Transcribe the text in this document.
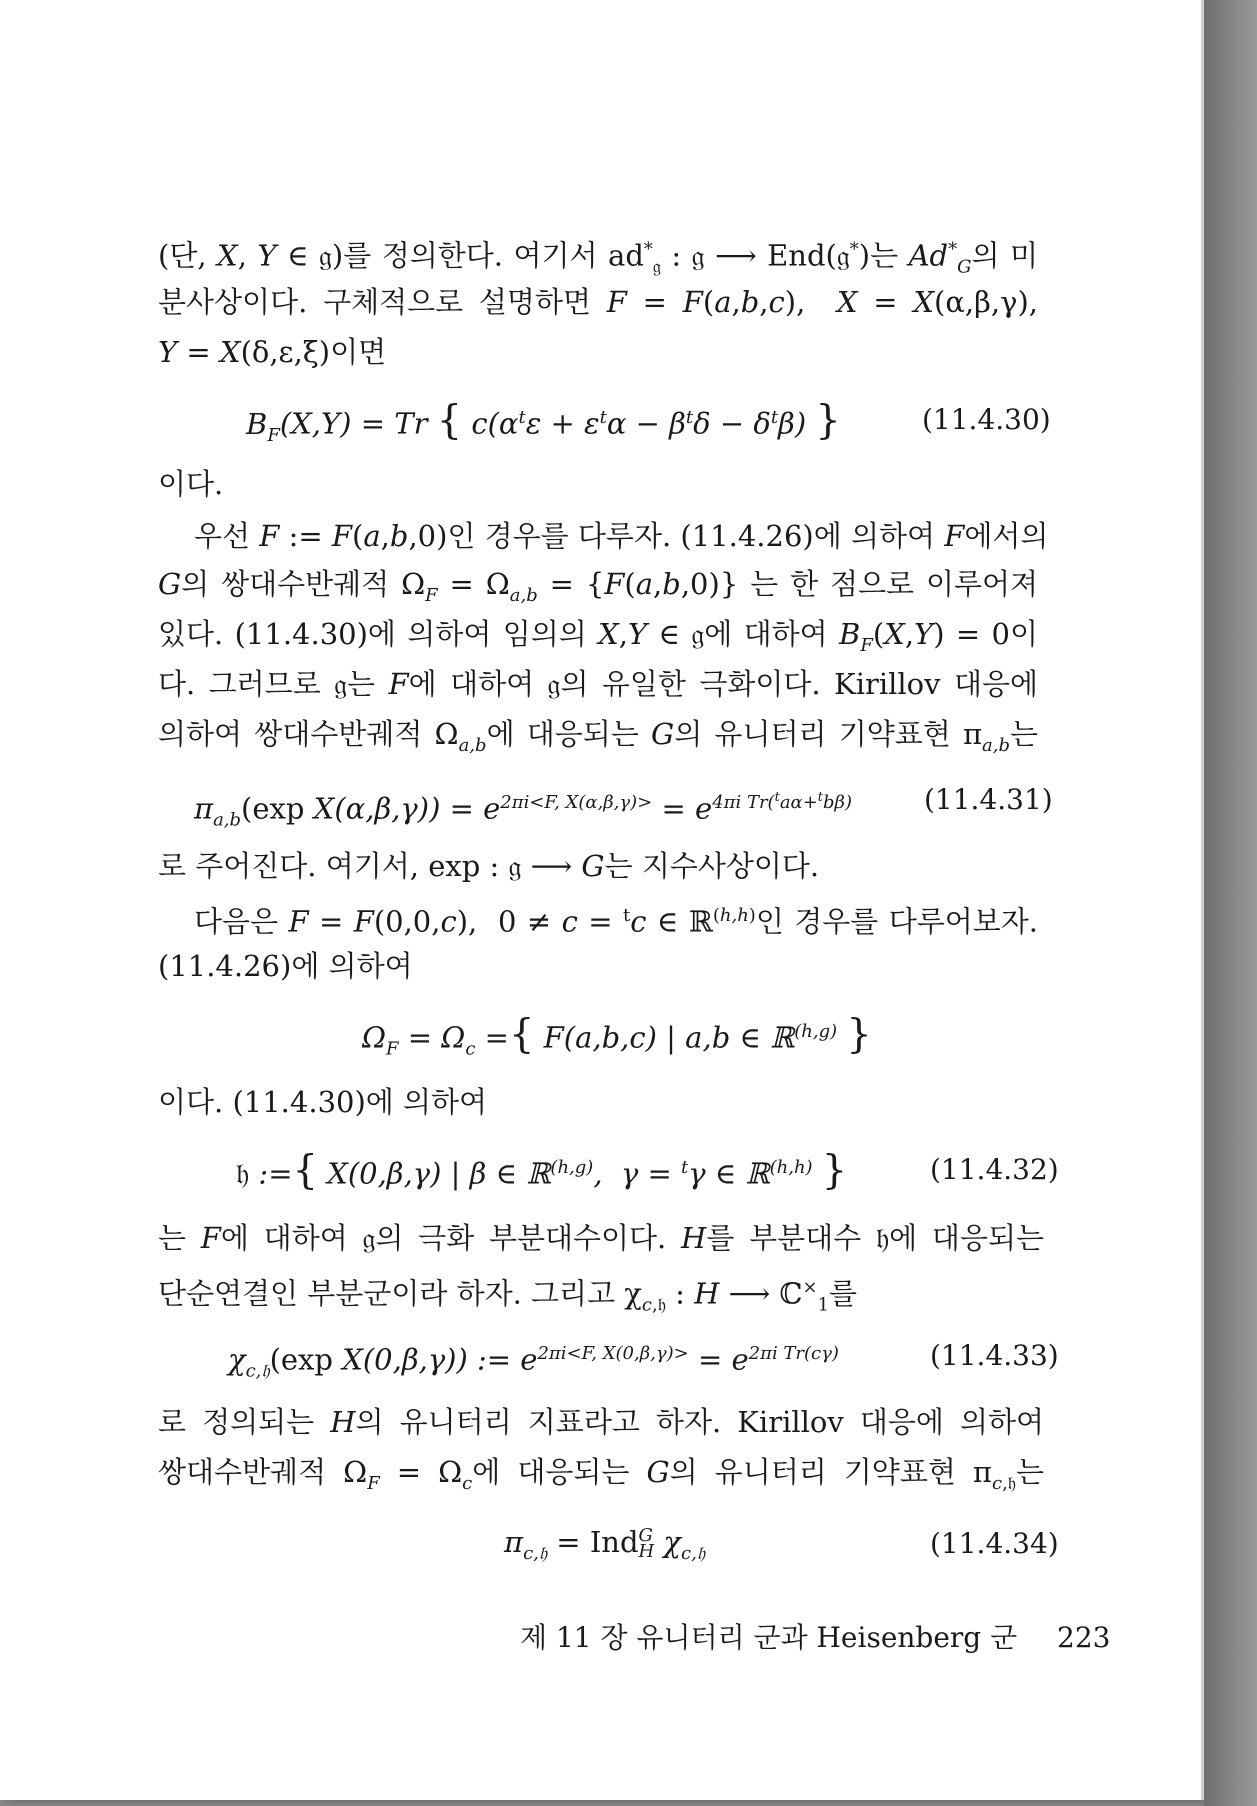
(단, X, Y ∈ 𝔤)를 정의한다. 여기서 $ad^*_𝔤$ : 𝔤 ⟶ End(𝔤*)는 $Ad^*_G$의 미
분사상이다. 구체적으로 설명하면 F = F(a,b,c),  X = X(α,β,γ),
Y = X(δ,ε,ξ)이면
$B_F(X,Y) = Tr$ { $c(\alpha^t\varepsilon + \varepsilon^t\alpha - \beta^t\delta - \delta^t\beta)$ }	(11.4.30)
이다.
우선 F := F(a,b,0)인 경우를 다루자. (11.4.26)에 의하여 F에서의
G의 쌍대수반궤적 $\Omega_F = \Omega_{a,b} = \{F(a,b,0)\}$ 는 한 점으로 이루어져
있다. (11.4.30)에 의하여 임의의 X,Y ∈ 𝔤에 대하여 $B_F(X,Y) = 0$이
다. 그러므로 𝔤는 F에 대하여 𝔤의 유일한 극화이다. Kirillov 대응에
의하여 쌍대수반궤적 $\Omega_{a,b}$에 대응되는 G의 유니터리 기약표현 $\pi_{a,b}$는
$\pi_{a,b}(\exp$ $X(\alpha,\beta,\gamma)) = e^{2\pi i<F, X(\alpha,\beta,\gamma)>} = e^{4\pi i Tr(^ta\alpha+^tb\beta)}$	(11.4.31)
로 주어진다. 여기서, exp : 𝔤 ⟶ G는 지수사상이다.
다음은 F = F(0,0,c),  0 ≠ c = $^t$c ∈ ℝ$^{(h,h)}$인 경우를 다루어보자.
(11.4.26)에 의하여
$\Omega_F = \Omega_c$ ={ F(a,b,c) | a,b ∈ ℝ$^{(h,g)}$ }
이다. (11.4.30)에 의하여
𝔥 :={ X(0,β,γ) | β ∈ ℝ$^{(h,g)}$,  γ = $^t$γ ∈ ℝ$^{(h,h)}$ }	(11.4.32)
는 F에 대하여 𝔤의 극화 부분대수이다. H를 부분대수 𝔥에 대응되는
단순연결인 부분군이라 하자. 그리고 $\chi_{c,𝔥}$ : H ⟶ ℂ×$_1$를
$\chi_{c,𝔥}(\exp$ X(0,β,γ)) := $e^{2\pi i<F, X(0,\beta,\gamma)>} = e^{2\pi i Tr(c\gamma)}$	(11.4.33)
로 정의되는 H의 유니터리 지표라고 하자. Kirillov 대응에 의하여
쌍대수반궤적 $\Omega_F = \Omega_c$에 대응되는 G의 유니터리 기약표현 $\pi_{c,𝔥}$는
$\pi_{c,𝔥}$ = Ind G
H $\chi_{c,𝔥}$	(11.4.34)
제 11 장 유니터리 군과 Heisenberg 군 223
